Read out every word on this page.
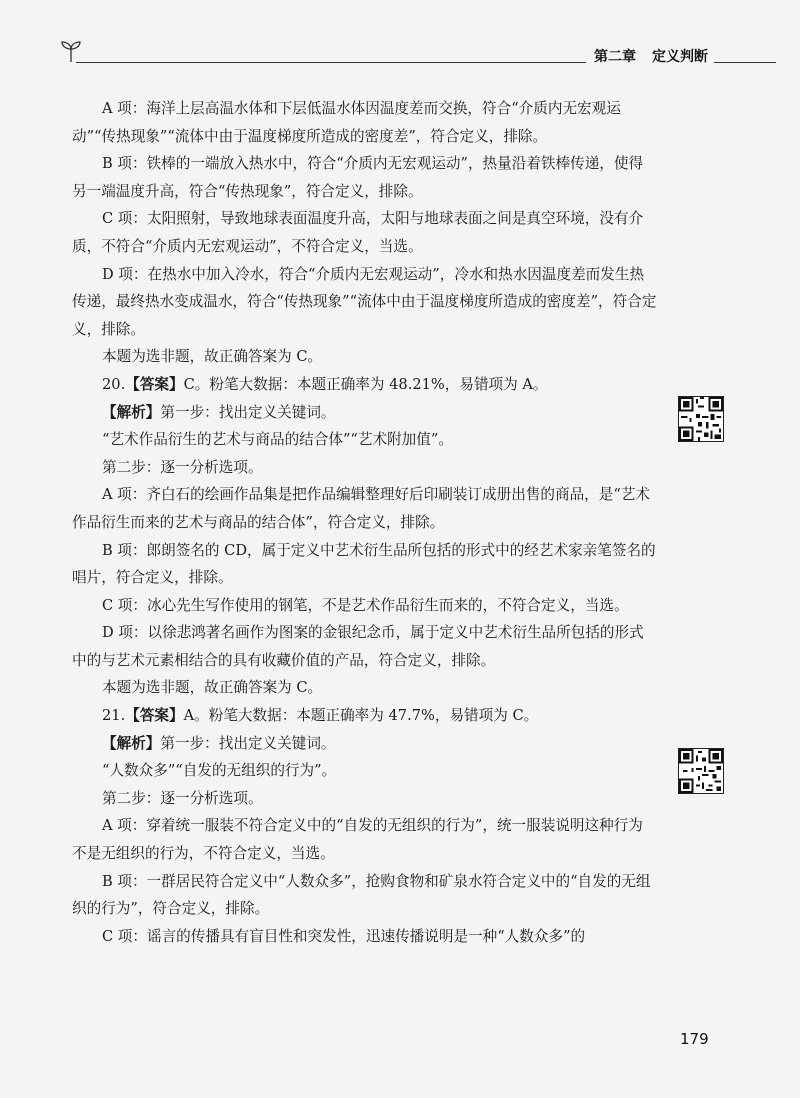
第二章 定义判断

A 项：海洋上层高温水体和下层低温水体因温度差而交换，符合“介质内无宏观运动”“传热现象”“流体中由于温度梯度所造成的密度差”，符合定义，排除。

B 项：铁棒的一端放入热水中，符合“介质内无宏观运动”，热量沿着铁棒传递，使得另一端温度升高，符合“传热现象”，符合定义，排除。

C 项：太阳照射，导致地球表面温度升高，太阳与地球表面之间是真空环境，没有介质，不符合“介质内无宏观运动”，不符合定义，当选。

D 项：在热水中加入冷水，符合“介质内无宏观运动”，冷水和热水因温度差而发生热传递，最终热水变成温水，符合“传热现象”“流体中由于温度梯度所造成的密度差”，符合定义，排除。

本题为选非题，故正确答案为 C。

20.【答案】C。粉笔大数据：本题正确率为 48.21%，易错项为 A。

【解析】第一步：找出定义关键词。

“艺术作品衍生的艺术与商品的结合体”“艺术附加值”。

第二步：逐一分析选项。

A 项：齐白石的绘画作品集是把作品编辑整理好后印刷装订成册出售的商品，是“艺术作品衍生而来的艺术与商品的结合体”，符合定义，排除。

B 项：郎朗签名的 CD，属于定义中艺术衍生品所包括的形式中的经艺术家亲笔签名的唱片，符合定义，排除。

C 项：冰心先生写作使用的钢笔，不是艺术作品衍生而来的，不符合定义，当选。

D 项：以徐悲鸿著名画作为图案的金银纪念币，属于定义中艺术衍生品所包括的形式中的与艺术元素相结合的具有收藏价值的产品，符合定义，排除。

本题为选非题，故正确答案为 C。

21.【答案】A。粉笔大数据：本题正确率为 47.7%，易错项为 C。

【解析】第一步：找出定义关键词。

“人数众多”“自发的无组织的行为”。

第二步：逐一分析选项。

A 项：穿着统一服装不符合定义中的“自发的无组织的行为”，统一服装说明这种行为不是无组织的行为，不符合定义，当选。

B 项：一群居民符合定义中“人数众多”，抢购食物和矿泉水符合定义中的“自发的无组织的行为”，符合定义，排除。

C 项：谣言的传播具有盲目性和突发性，迅速传播说明是一种“人数众多”的

179
